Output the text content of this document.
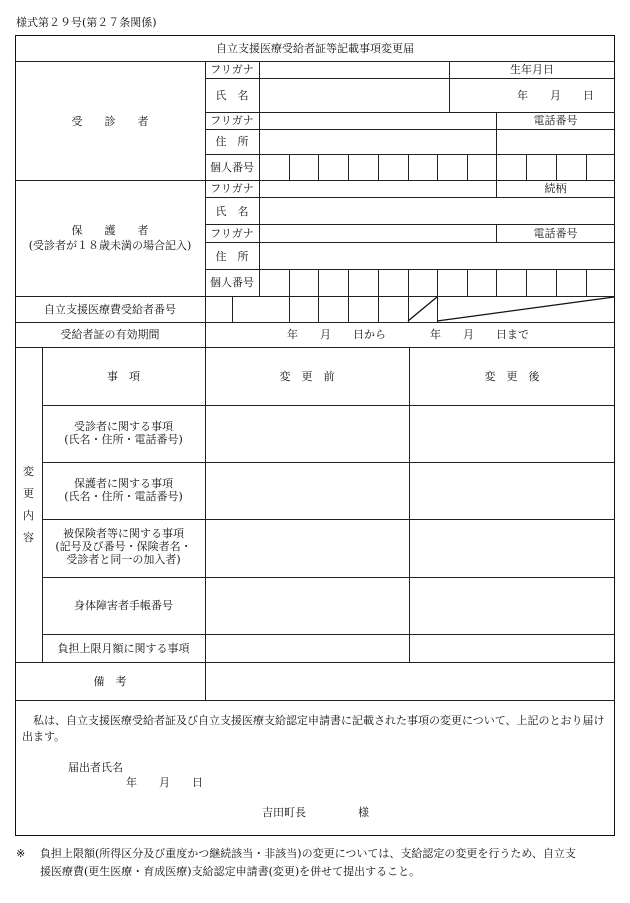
様式第２９号(第２７条関係)
自立支援医療受給者証等記載事項変更届
受　　診　　者
フリガナ	生年月日
氏　名	年　　月　　日
フリガナ	電話番号
住　所
個人番号
保　　護　　者
(受診者が１８歳未満の場合記入)
フリガナ	続柄
氏　名
フリガナ	電話番号
住　所
個人番号
自立支援医療費受給者番号
受給者証の有効期間	年　　月　　日から	年　　月　　日まで
変
更
内
容
事　項	変　更　前	変　更　後
受診者に関する事項
(氏名・住所・電話番号)
保護者に関する事項
(氏名・住所・電話番号)
被保険者等に関する事項
(記号及び番号・保険者名・
受診者と同一の加入者)
身体障害者手帳番号
負担上限月額に関する事項
備　考
私は、自立支援医療受給者証及び自立支援医療支給認定申請書に記載された事項の変更について、上記のとおり届け出ます。
届出者氏名
年　　月　　日
吉田町長	様
※ 負担上限額(所得区分及び重度かつ継続該当・非該当)の変更については、支給認定の変更を行うため、自立支
援医療費(更生医療・育成医療)支給認定申請書(変更)を併せて提出すること。
